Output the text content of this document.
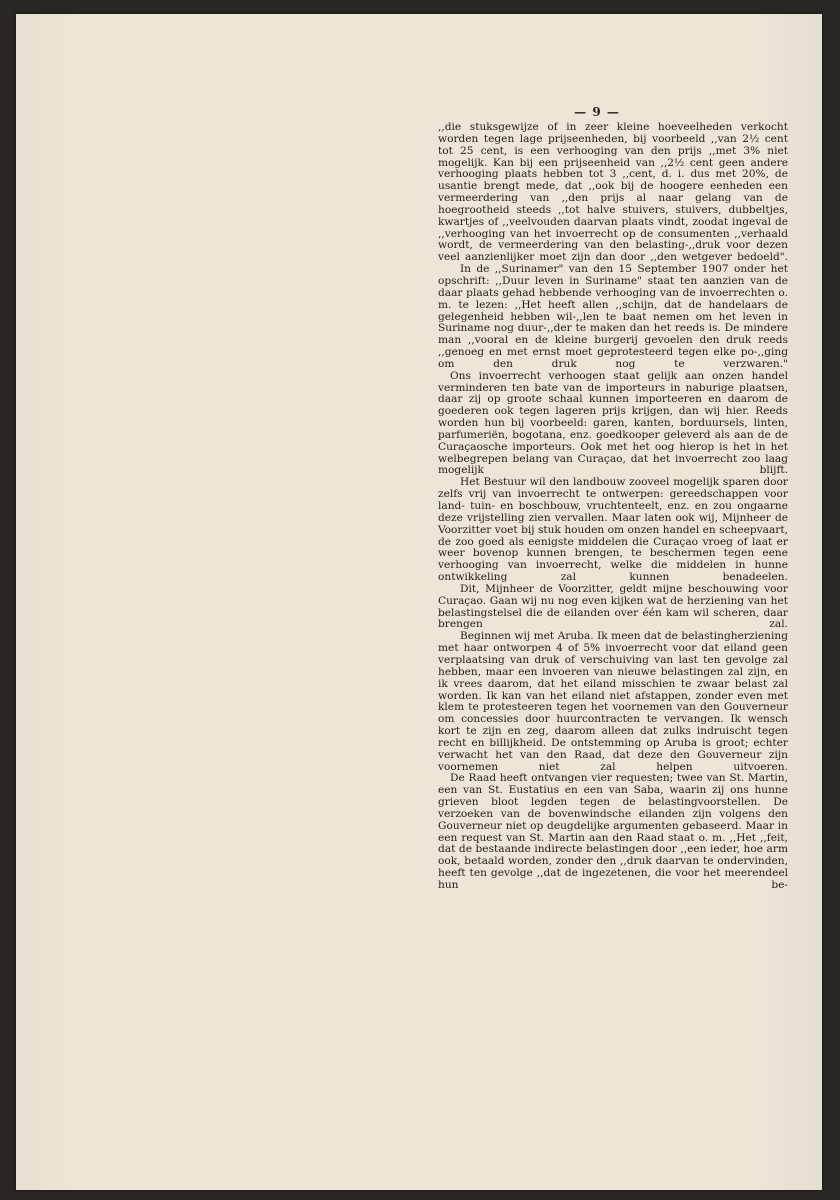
— 9 —

,,die stuksgewijze of in zeer kleine hoeveelheden verkocht worden tegen lage prijseenheden, bij voorbeeld ,,van 2½ cent tot 25 cent, is een verhooging van den prijs ,,met 3% niet mogelijk. Kan bij een prijseenheid van ,,2½ cent geen andere verhooging plaats hebben tot 3 ,,cent, d. i. dus met 20%, de usantie brengt mede, dat ,,ook bij de hoogere eenheden een vermeerdering van ,,den prijs al naar gelang van de hoegrootheid steeds ,,tot halve stuivers, stuivers, dubbeltjes, kwartjes of ,,veelvouden daarvan plaats vindt, zoodat ingeval de ,,verhooging van het invoerrecht op de consumenten ,,verhaald wordt, de vermeerdering van den belasting-,,druk voor dezen veel aanzienlijker moet zijn dan door ,,den wetgever bedoeld".

In de ,,Surinamer" van den 15 September 1907 onder het opschrift: ,,Duur leven in Suriname" staat ten aanzien van de daar plaats gehad hebbende verhooging van de invoerrechten o. m. te lezen: ,,Het heeft allen ,,schijn, dat de handelaars de gelegenheid hebben wil-,,len te baat nemen om het leven in Suriname nog duur-,,der te maken dan het reeds is. De mindere man ,,vooral en de kleine burgerij gevoelen den druk reeds ,,genoeg en met ernst moet geprotesteerd tegen elke po-,,ging om den druk nog te verzwaren."

Ons invoerrecht verhoogen staat gelijk aan onzen handel verminderen ten bate van de importeurs in naburige plaatsen, daar zij op groote schaal kunnen importeeren en daarom de goederen ook tegen lageren prijs krijgen, dan wij hier. Reeds worden hun bij voorbeeld: garen, kanten, borduursels, linten, parfumeriën, bogotana, enz. goedkooper geleverd als aan de de Curaçaosche importeurs. Ook met het oog hierop is het in het welbegrepen belang van Curaçao, dat het invoerrecht zoo laag mogelijk blijft.

Het Bestuur wil den landbouw zooveel mogelijk sparen door zelfs vrij van invoerrecht te ontwerpen: gereedschappen voor land- tuin- en boschbouw, vruchtenteelt, enz. en zou ongaarne deze vrijstelling zien vervallen. Maar laten ook wij, Mijnheer de Voorzitter voet bij stuk houden om onzen handel en scheepvaart, de zoo goed als eenigste middelen die Curaçao vroeg of laat er weer bovenop kunnen brengen, te beschermen tegen eene verhooging van invoerrecht, welke die middelen in hunne ontwikkeling zal kunnen benadeelen.

Dit, Mijnheer de Voorzitter, geldt mijne beschouwing voor Curaçao. Gaan wij nu nog even kijken wat de herziening van het belastingstelsel die de eilanden over één kam wil scheren, daar brengen zal.

Beginnen wij met Aruba. Ik meen dat de belastingherziening met haar ontworpen 4 of 5% invoerrecht voor dat eiland geen verplaatsing van druk of verschuiving van last ten gevolge zal hebben, maar een invoeren van nieuwe belastingen zal zijn, en ik vrees daarom, dat het eiland misschien te zwaar belast zal worden. Ik kan van het eiland niet afstappen, zonder even met klem te protesteeren tegen het voornemen van den Gouverneur om concessies door huurcontracten te vervangen. Ik wensch kort te zijn en zeg, daarom alleen dat zulks indruischt tegen recht en billijkheid. De ontstemming op Aruba is groot; echter verwacht het van den Raad, dat deze den Gouverneur zijn voornemen niet zal helpen uitvoeren.

De Raad heeft ontvangen vier requesten; twee van St. Martin, een van St. Eustatius en een van Saba, waarin zij ons hunne grieven bloot legden tegen de belastingvoorstellen. De verzoeken van de bovenwindsche eilanden zijn volgens den Gouverneur niet op deugdelijke argumenten gebaseerd. Maar in een request van St. Martin aan den Raad staat o. m. ,,Het ,,feit, dat de bestaande indirecte belastingen door ,,een ieder, hoe arm ook, betaald worden, zonder den ,,druk daarvan te ondervinden, heeft ten gevolge ,,dat de ingezetenen, die voor het meerendeel hun be-
